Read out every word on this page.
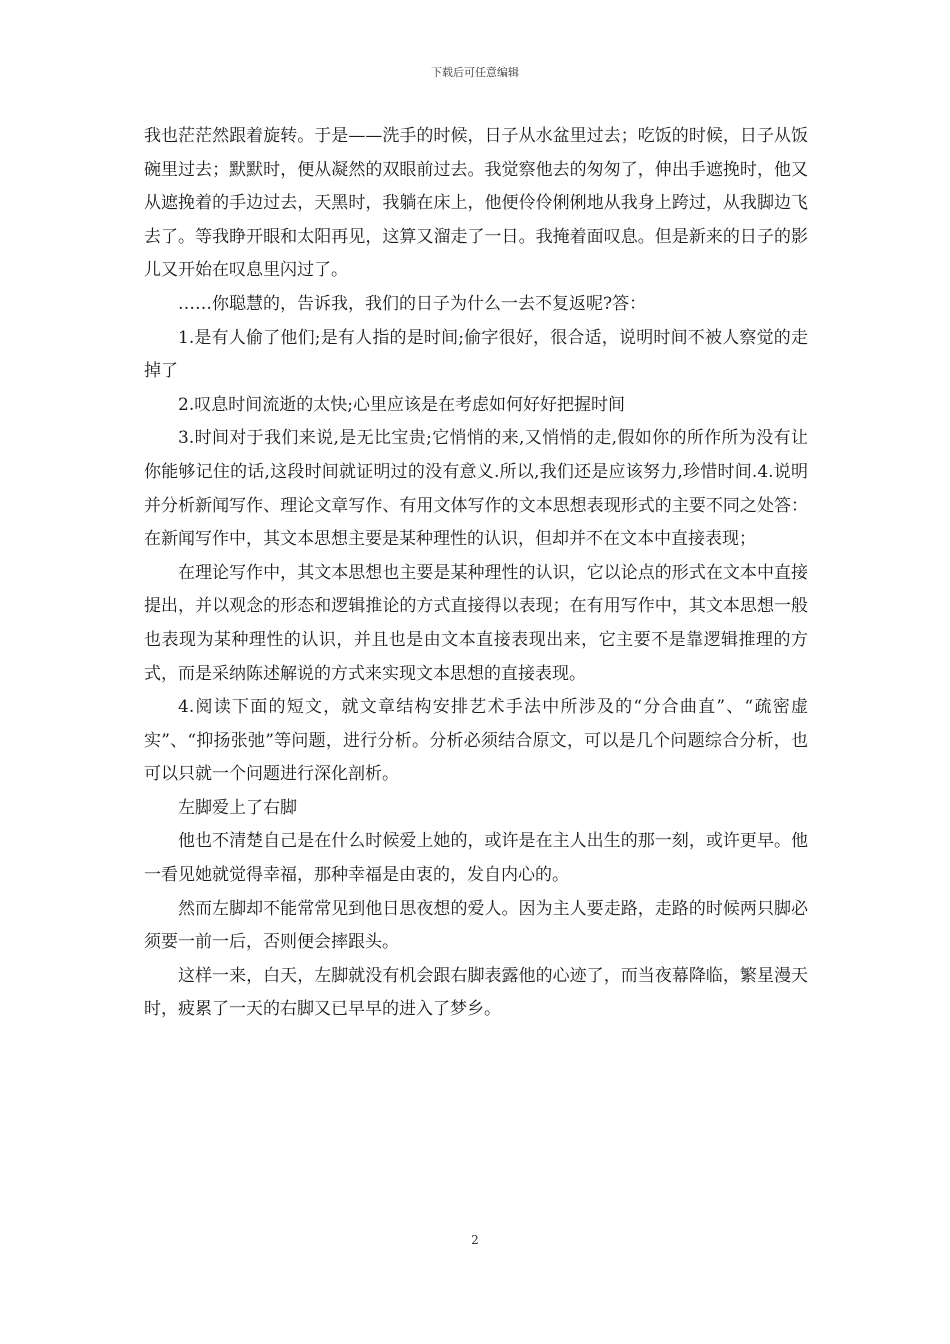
下载后可任意编辑

我也茫茫然跟着旋转。于是——洗手的时候，日子从水盆里过去；吃饭的时候，日子从饭碗里过去；默默时，便从凝然的双眼前过去。我觉察他去的匆匆了，伸出手遮挽时，他又从遮挽着的手边过去，天黑时，我躺在床上，他便伶伶俐俐地从我身上跨过，从我脚边飞去了。等我睁开眼和太阳再见，这算又溜走了一日。我掩着面叹息。但是新来的日子的影儿又开始在叹息里闪过了。

……你聪慧的，告诉我，我们的日子为什么一去不复返呢?答：

1.是有人偷了他们;是有人指的是时间;偷字很好，很合适，说明时间不被人察觉的走掉了

2.叹息时间流逝的太快;心里应该是在考虑如何好好把握时间

3.时间对于我们来说,是无比宝贵;它悄悄的来,又悄悄的走,假如你的所作所为没有让你能够记住的话,这段时间就证明过的没有意义.所以,我们还是应该努力,珍惜时间.4.说明并分析新闻写作、理论文章写作、有用文体写作的文本思想表现形式的主要不同之处答：在新闻写作中，其文本思想主要是某种理性的认识，但却并不在文本中直接表现；

在理论写作中，其文本思想也主要是某种理性的认识，它以论点的形式在文本中直接提出，并以观念的形态和逻辑推论的方式直接得以表现；在有用写作中，其文本思想一般也表现为某种理性的认识，并且也是由文本直接表现出来，它主要不是靠逻辑推理的方式，而是采纳陈述解说的方式来实现文本思想的直接表现。

4.阅读下面的短文，就文章结构安排艺术手法中所涉及的“分合曲直”、“疏密虚实”、“抑扬张弛”等问题，进行分析。分析必须结合原文，可以是几个问题综合分析，也可以只就一个问题进行深化剖析。

左脚爱上了右脚

他也不清楚自己是在什么时候爱上她的，或许是在主人出生的那一刻，或许更早。他一看见她就觉得幸福，那种幸福是由衷的，发自内心的。

然而左脚却不能常常见到他日思夜想的爱人。因为主人要走路，走路的时候两只脚必须要一前一后，否则便会摔跟头。

这样一来，白天，左脚就没有机会跟右脚表露他的心迹了，而当夜幕降临，繁星漫天时，疲累了一天的右脚又已早早的进入了梦乡。

2
